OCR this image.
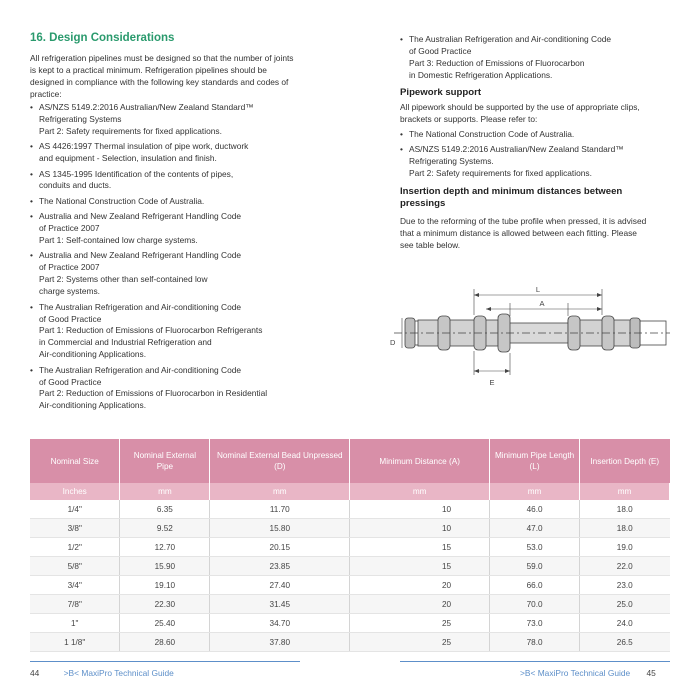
16. Design Considerations
All refrigeration pipelines must be designed so that the number of joints is kept to a practical minimum. Refrigeration pipelines should be designed in compliance with the following key standards and codes of practice:
• AS/NZS 5149.2:2016 Australian/New Zealand Standard™
Refrigerating Systems
Part 2: Safety requirements for fixed applications.
• AS 4426:1997 Thermal insulation of pipe work, ductwork
and equipment - Selection, insulation and finish.
• AS 1345-1995 Identification of the contents of pipes,
conduits and ducts.
• The National Construction Code of Australia.
• Australia and New Zealand Refrigerant Handling Code
of Practice 2007
Part 1: Self-contained low charge systems.
• Australia and New Zealand Refrigerant Handling Code
of Practice 2007
Part 2: Systems other than self-contained low
charge systems.
• The Australian Refrigeration and Air-conditioning Code
of Good Practice
Part 1: Reduction of Emissions of Fluorocarbon Refrigerants
in Commercial and Industrial Refrigeration and
Air-conditioning Applications.
• The Australian Refrigeration and Air-conditioning Code
of Good Practice
Part 2: Reduction of Emissions of Fluorocarbon in Residential
Air-conditioning Applications.
• The Australian Refrigeration and Air-conditioning Code
of Good Practice
Part 3: Reduction of Emissions of Fluorocarbon
in Domestic Refrigeration Applications.
Pipework support
All pipework should be supported by the use of appropriate clips, brackets or supports. Please refer to:
• The National Construction Code of Australia.
• AS/NZS 5149.2:2016 Australian/New Zealand Standard™
Refrigerating Systems.
Part 2: Safety requirements for fixed applications.
Insertion depth and minimum distances between pressings
Due to the reforming of the tube profile when pressed, it is advised that a minimum distance is allowed between each fitting. Please see table below.
L
A
D
E
Nominal Size	Nominal External Pipe	Nominal External Bead Unpressed (D)	Minimum Distance (A)	Minimum Pipe Length (L)	Insertion Depth (E)
Inches	mm	mm	mm	mm	mm
1/4"	6.35	11.70	10	46.0	18.0
3/8"	9.52	15.80	10	47.0	18.0
1/2"	12.70	20.15	15	53.0	19.0
5/8"	15.90	23.85	15	59.0	22.0
3/4"	19.10	27.40	20	66.0	23.0
7/8"	22.30	31.45	20	70.0	25.0
1"	25.40	34.70	25	73.0	24.0
1 1/8"	28.60	37.80	25	78.0	26.5
44	>B< MaxiPro Technical Guide	>B< MaxiPro Technical Guide 45
